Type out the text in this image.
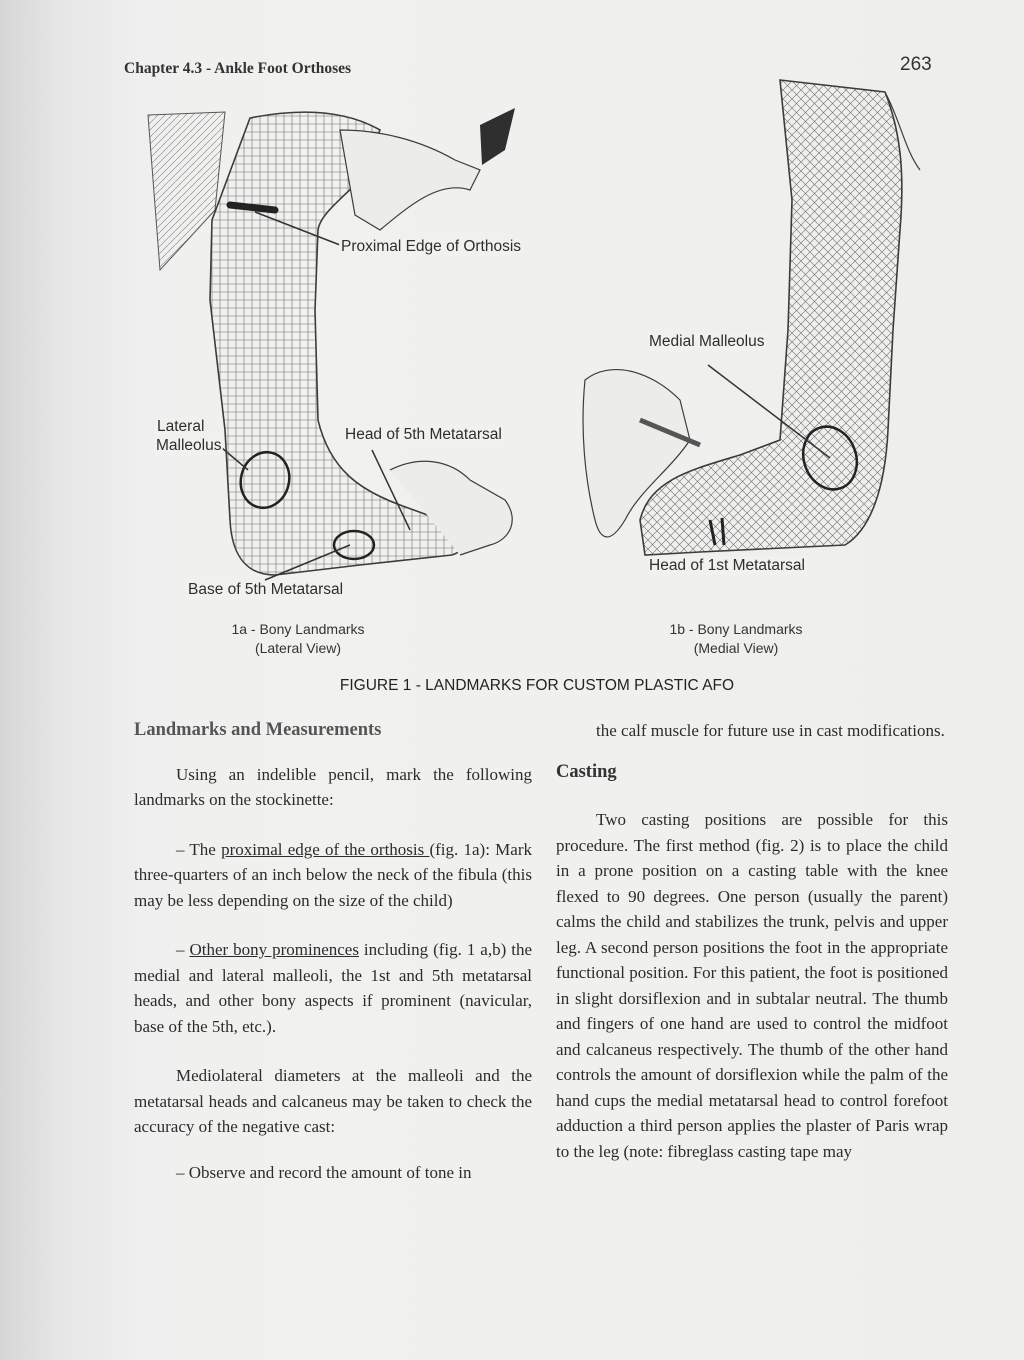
Chapter 4.3 - Ankle Foot Orthoses	263
Proximal Edge of Orthosis
Lateral
Malleolus
Head of 5th Metatarsal
Base of 5th Metatarsal
Medial Malleolus
Head of 1st Metatarsal
1a - Bony Landmarks
(Lateral View)
1b - Bony Landmarks
(Medial View)
FIGURE 1 - LANDMARKS FOR CUSTOM PLASTIC AFO
Landmarks and Measurements

Using an indelible pencil, mark the following landmarks on the stockinette:

– The proximal edge of the orthosis (fig. 1a): Mark three-quarters of an inch below the neck of the fibula (this may be less depending on the size of the child)

– Other bony prominences including (fig. 1 a,b) the medial and lateral malleoli, the 1st and 5th metatarsal heads, and other bony aspects if prominent (navicular, base of the 5th, etc.).

Mediolateral diameters at the malleoli and the metatarsal heads and calcaneus may be taken to check the accuracy of the negative cast:

– Observe and record the amount of tone in

the calf muscle for future use in cast modifications.

Casting

Two casting positions are possible for this procedure. The first method (fig. 2) is to place the child in a prone position on a casting table with the knee flexed to 90 degrees. One person (usually the parent) calms the child and stabilizes the trunk, pelvis and upper leg. A second person positions the foot in the appropriate functional position. For this patient, the foot is positioned in slight dorsiflexion and in subtalar neutral. The thumb and fingers of one hand are used to control the midfoot and calcaneus respectively. The thumb of the other hand controls the amount of dorsiflexion while the palm of the hand cups the medial metatarsal head to control forefoot adduction a third person applies the plaster of Paris wrap to the leg (note: fibreglass casting tape may
